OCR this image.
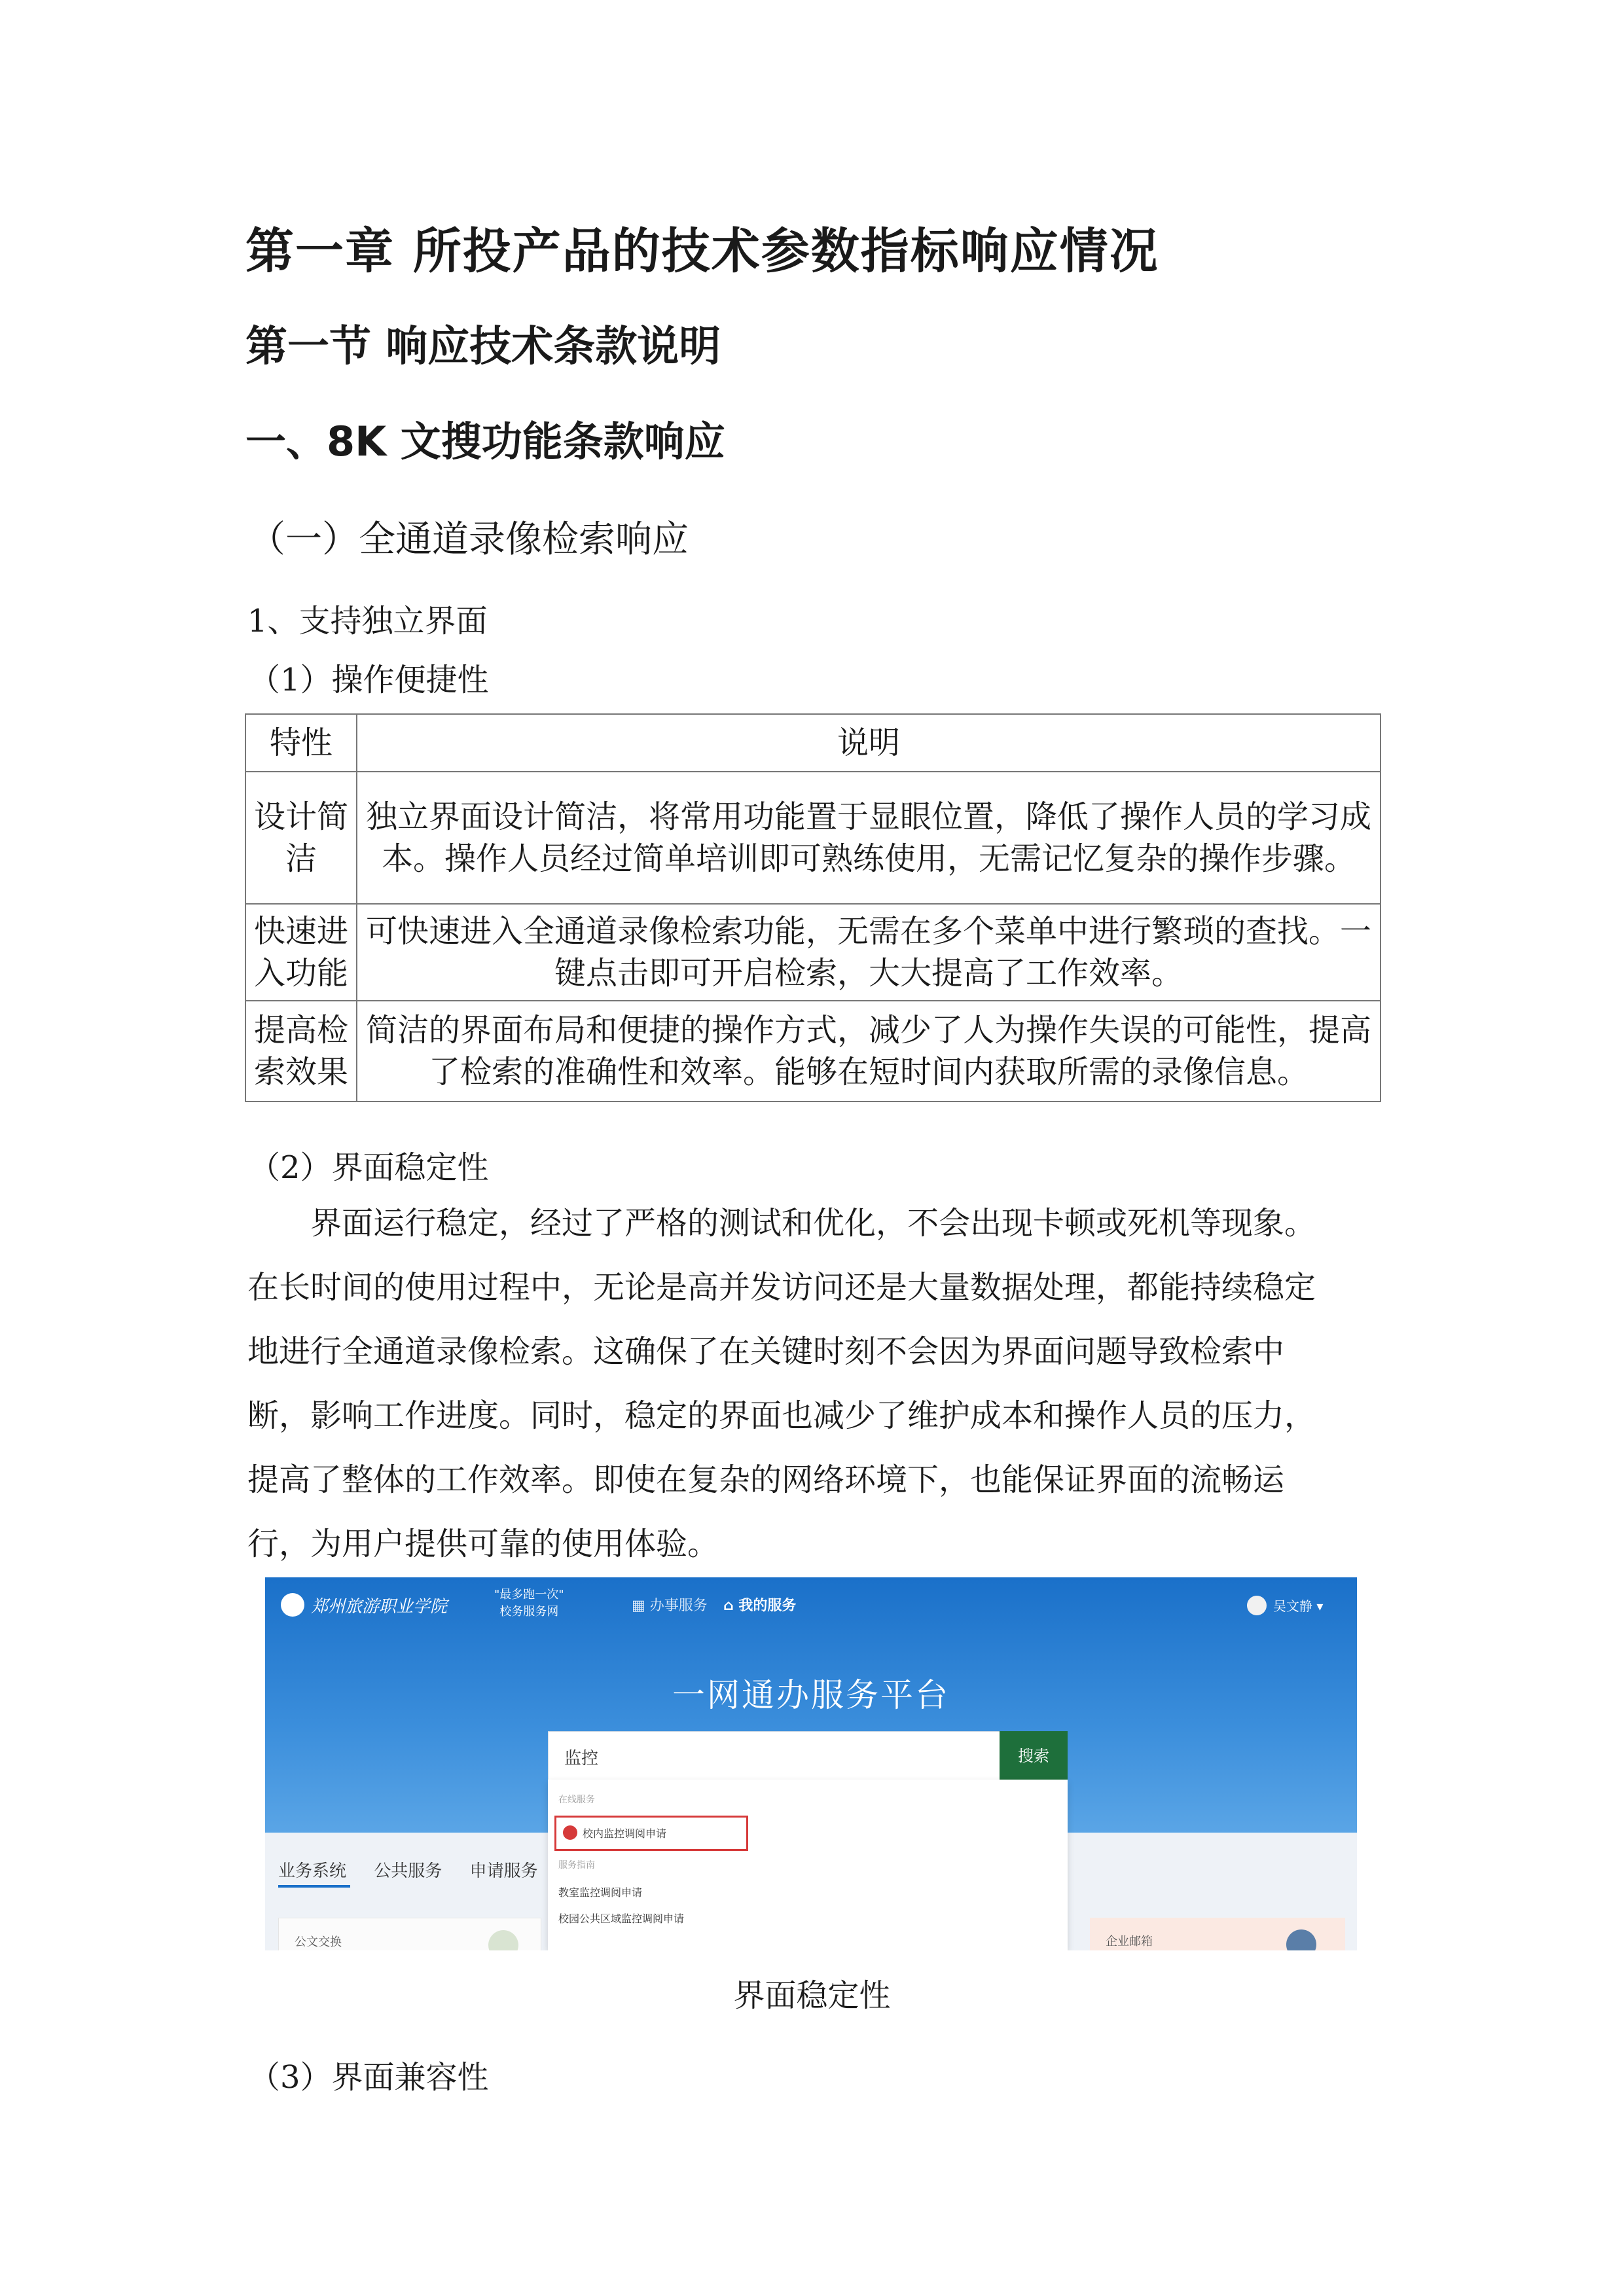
第一章 所投产品的技术参数指标响应情况
第一节 响应技术条款说明
一、8K 文搜功能条款响应
（一）全通道录像检索响应
1、支持独立界面
（1）操作便捷性
特性	说明
设计简洁	独立界面设计简洁，将常用功能置于显眼位置，降低了操作人员的学习成本。操作人员经过简单培训即可熟练使用，无需记忆复杂的操作步骤。
快速进入功能	可快速进入全通道录像检索功能，无需在多个菜单中进行繁琐的查找。一键点击即可开启检索，大大提高了工作效率。
提高检索效果	简洁的界面布局和便捷的操作方式，减少了人为操作失误的可能性，提高了检索的准确性和效率。能够在短时间内获取所需的录像信息。
（2）界面稳定性

界面运行稳定，经过了严格的测试和优化，不会出现卡顿或死机等现象。

在长时间的使用过程中，无论是高并发访问还是大量数据处理，都能持续稳定

地进行全通道录像检索。这确保了在关键时刻不会因为界面问题导致检索中

断，影响工作进度。同时，稳定的界面也减少了维护成本和操作人员的压力，

提高了整体的工作效率。即使在复杂的网络环境下，也能保证界面的流畅运

行，为用户提供可靠的使用体验。

郑州旅游职业学院
"最多跑一次"
校务服务网	▦ 办事服务 ⌂ 我的服务	吴文静 ▾
一网通办服务平台
监控	搜索
在线服务
校内监控调阅申请
服务指南
教室监控调阅申请
校园公共区域监控调阅申请
业务系统 公共服务 申请服务
公文交换	企业邮箱
界面稳定性
（3）界面兼容性
